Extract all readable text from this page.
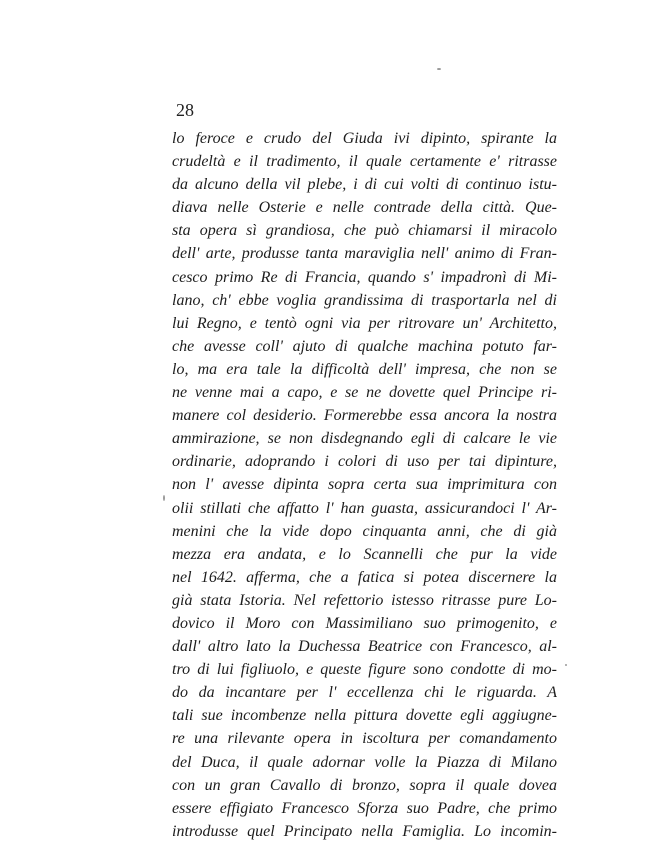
28
lo feroce e crudo del Giuda ivi dipinto, spirante la
crudeltà e il tradimento, il quale certamente e' ritrasse
da alcuno della vil plebe, i di cui volti di continuo istu-
diava nelle Osterie e nelle contrade della città. Que-
sta opera sì grandiosa, che può chiamarsi il miracolo
dell' arte, produsse tanta maraviglia nell' animo di Fran-
cesco primo Re di Francia, quando s' impadronì di Mi-
lano, ch' ebbe voglia grandissima di trasportarla nel di
lui Regno, e tentò ogni via per ritrovare un' Architetto,
che avesse coll' ajuto di qualche machina potuto far-
lo, ma era tale la difficoltà dell' impresa, che non se
ne venne mai a capo, e se ne dovette quel Principe ri-
manere col desiderio. Formerebbe essa ancora la nostra
ammirazione, se non disdegnando egli di calcare le vie
ordinarie, adoprando i colori di uso per tai dipinture,
non l' avesse dipinta sopra certa sua imprimitura con
olii stillati che affatto l' han guasta, assicurandoci l' Ar-
menini che la vide dopo cinquanta anni, che di già
mezza era andata, e lo Scannelli che pur la vide
nel 1642. afferma, che a fatica si potea discernere la
già stata Istoria. Nel refettorio istesso ritrasse pure Lo-
dovico il Moro con Massimiliano suo primogenito, e
dall' altro lato la Duchessa Beatrice con Francesco, al-
tro di lui figliuolo, e queste figure sono condotte di mo-
do da incantare per l' eccellenza chi le riguarda. A
tali sue incombenze nella pittura dovette egli aggiugne-
re una rilevante opera in iscoltura per comandamento
del Duca, il quale adornar volle la Piazza di Milano
con un gran Cavallo di bronzo, sopra il quale dovea
essere effigiato Francesco Sforza suo Padre, che primo
introdusse quel Principato nella Famiglia. Lo incomin-
